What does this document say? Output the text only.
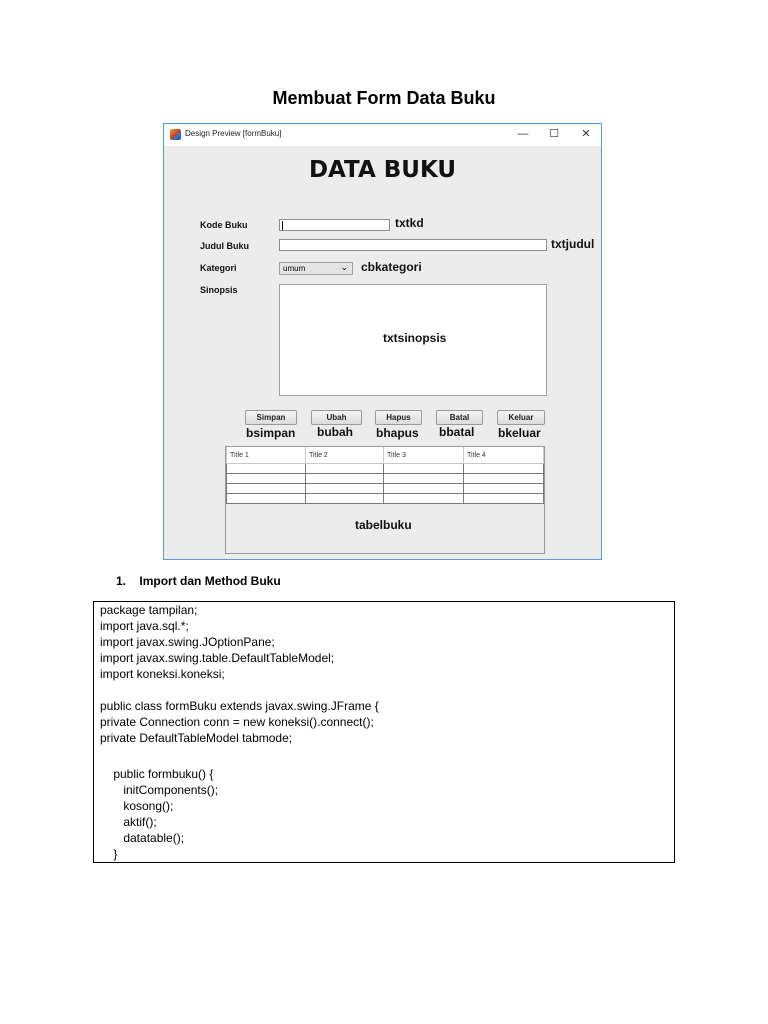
Membuat Form Data Buku
Design Preview [formBuku]	— ☐ ✕
DATA BUKU
Kode Buku	txtkd
Judul Buku	txtjudul
Kategori	umum	⌄ cbkategori
Sinopsis
txtsinopsis
Simpan	Ubah	Hapus	Batal	Keluar
bsimpan bubah bhapus bbatal bkeluar
Title 1	Title 2	Title 3	Title 4

tabelbuku
1. Import dan Method Buku
package tampilan;
import java.sql.*;
import javax.swing.JOptionPane;
import javax.swing.table.DefaultTableModel;
import koneksi.koneksi;
public class formBuku extends javax.swing.JFrame {
private Connection conn = new koneksi().connect();
private DefaultTableModel tabmode;
public formbuku() {
initComponents();
kosong();
aktif();
datatable();
}
